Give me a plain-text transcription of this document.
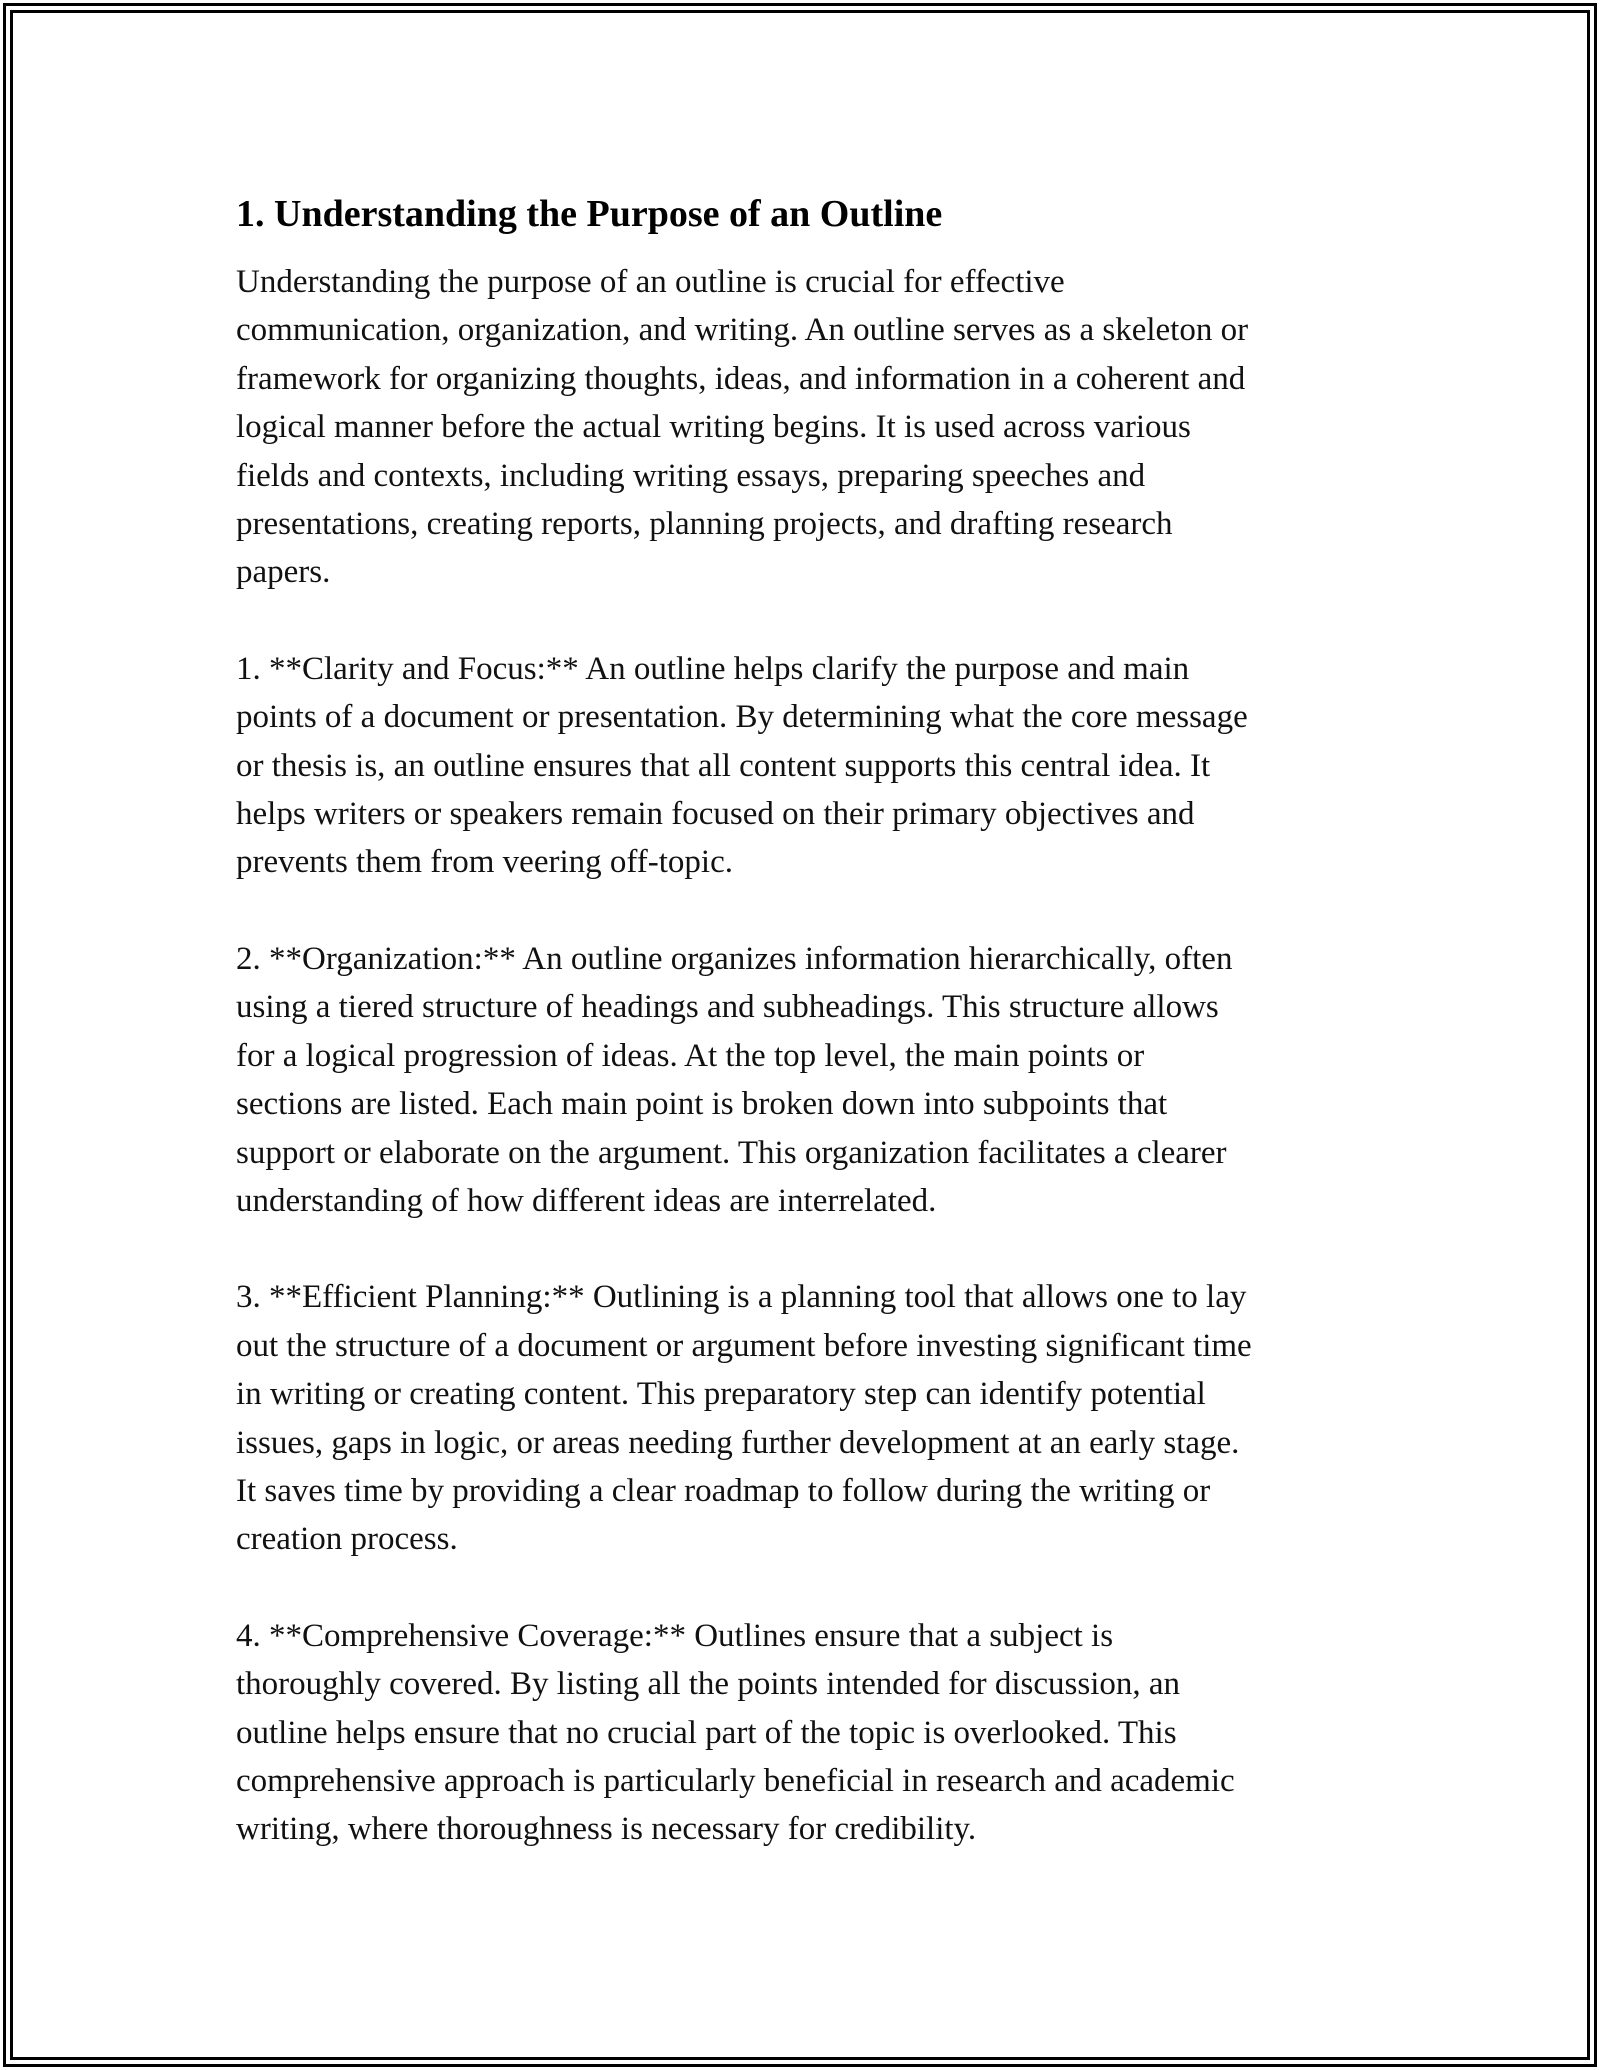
1. Understanding the Purpose of an Outline

Understanding the purpose of an outline is crucial for effective
communication, organization, and writing. An outline serves as a skeleton or
framework for organizing thoughts, ideas, and information in a coherent and
logical manner before the actual writing begins. It is used across various
fields and contexts, including writing essays, preparing speeches and
presentations, creating reports, planning projects, and drafting research
papers.

1. **Clarity and Focus:** An outline helps clarify the purpose and main
points of a document or presentation. By determining what the core message
or thesis is, an outline ensures that all content supports this central idea. It
helps writers or speakers remain focused on their primary objectives and
prevents them from veering off-topic.

2. **Organization:** An outline organizes information hierarchically, often
using a tiered structure of headings and subheadings. This structure allows
for a logical progression of ideas. At the top level, the main points or
sections are listed. Each main point is broken down into subpoints that
support or elaborate on the argument. This organization facilitates a clearer
understanding of how different ideas are interrelated.

3. **Efficient Planning:** Outlining is a planning tool that allows one to lay
out the structure of a document or argument before investing significant time
in writing or creating content. This preparatory step can identify potential
issues, gaps in logic, or areas needing further development at an early stage.
It saves time by providing a clear roadmap to follow during the writing or
creation process.

4. **Comprehensive Coverage:** Outlines ensure that a subject is
thoroughly covered. By listing all the points intended for discussion, an
outline helps ensure that no crucial part of the topic is overlooked. This
comprehensive approach is particularly beneficial in research and academic
writing, where thoroughness is necessary for credibility.
